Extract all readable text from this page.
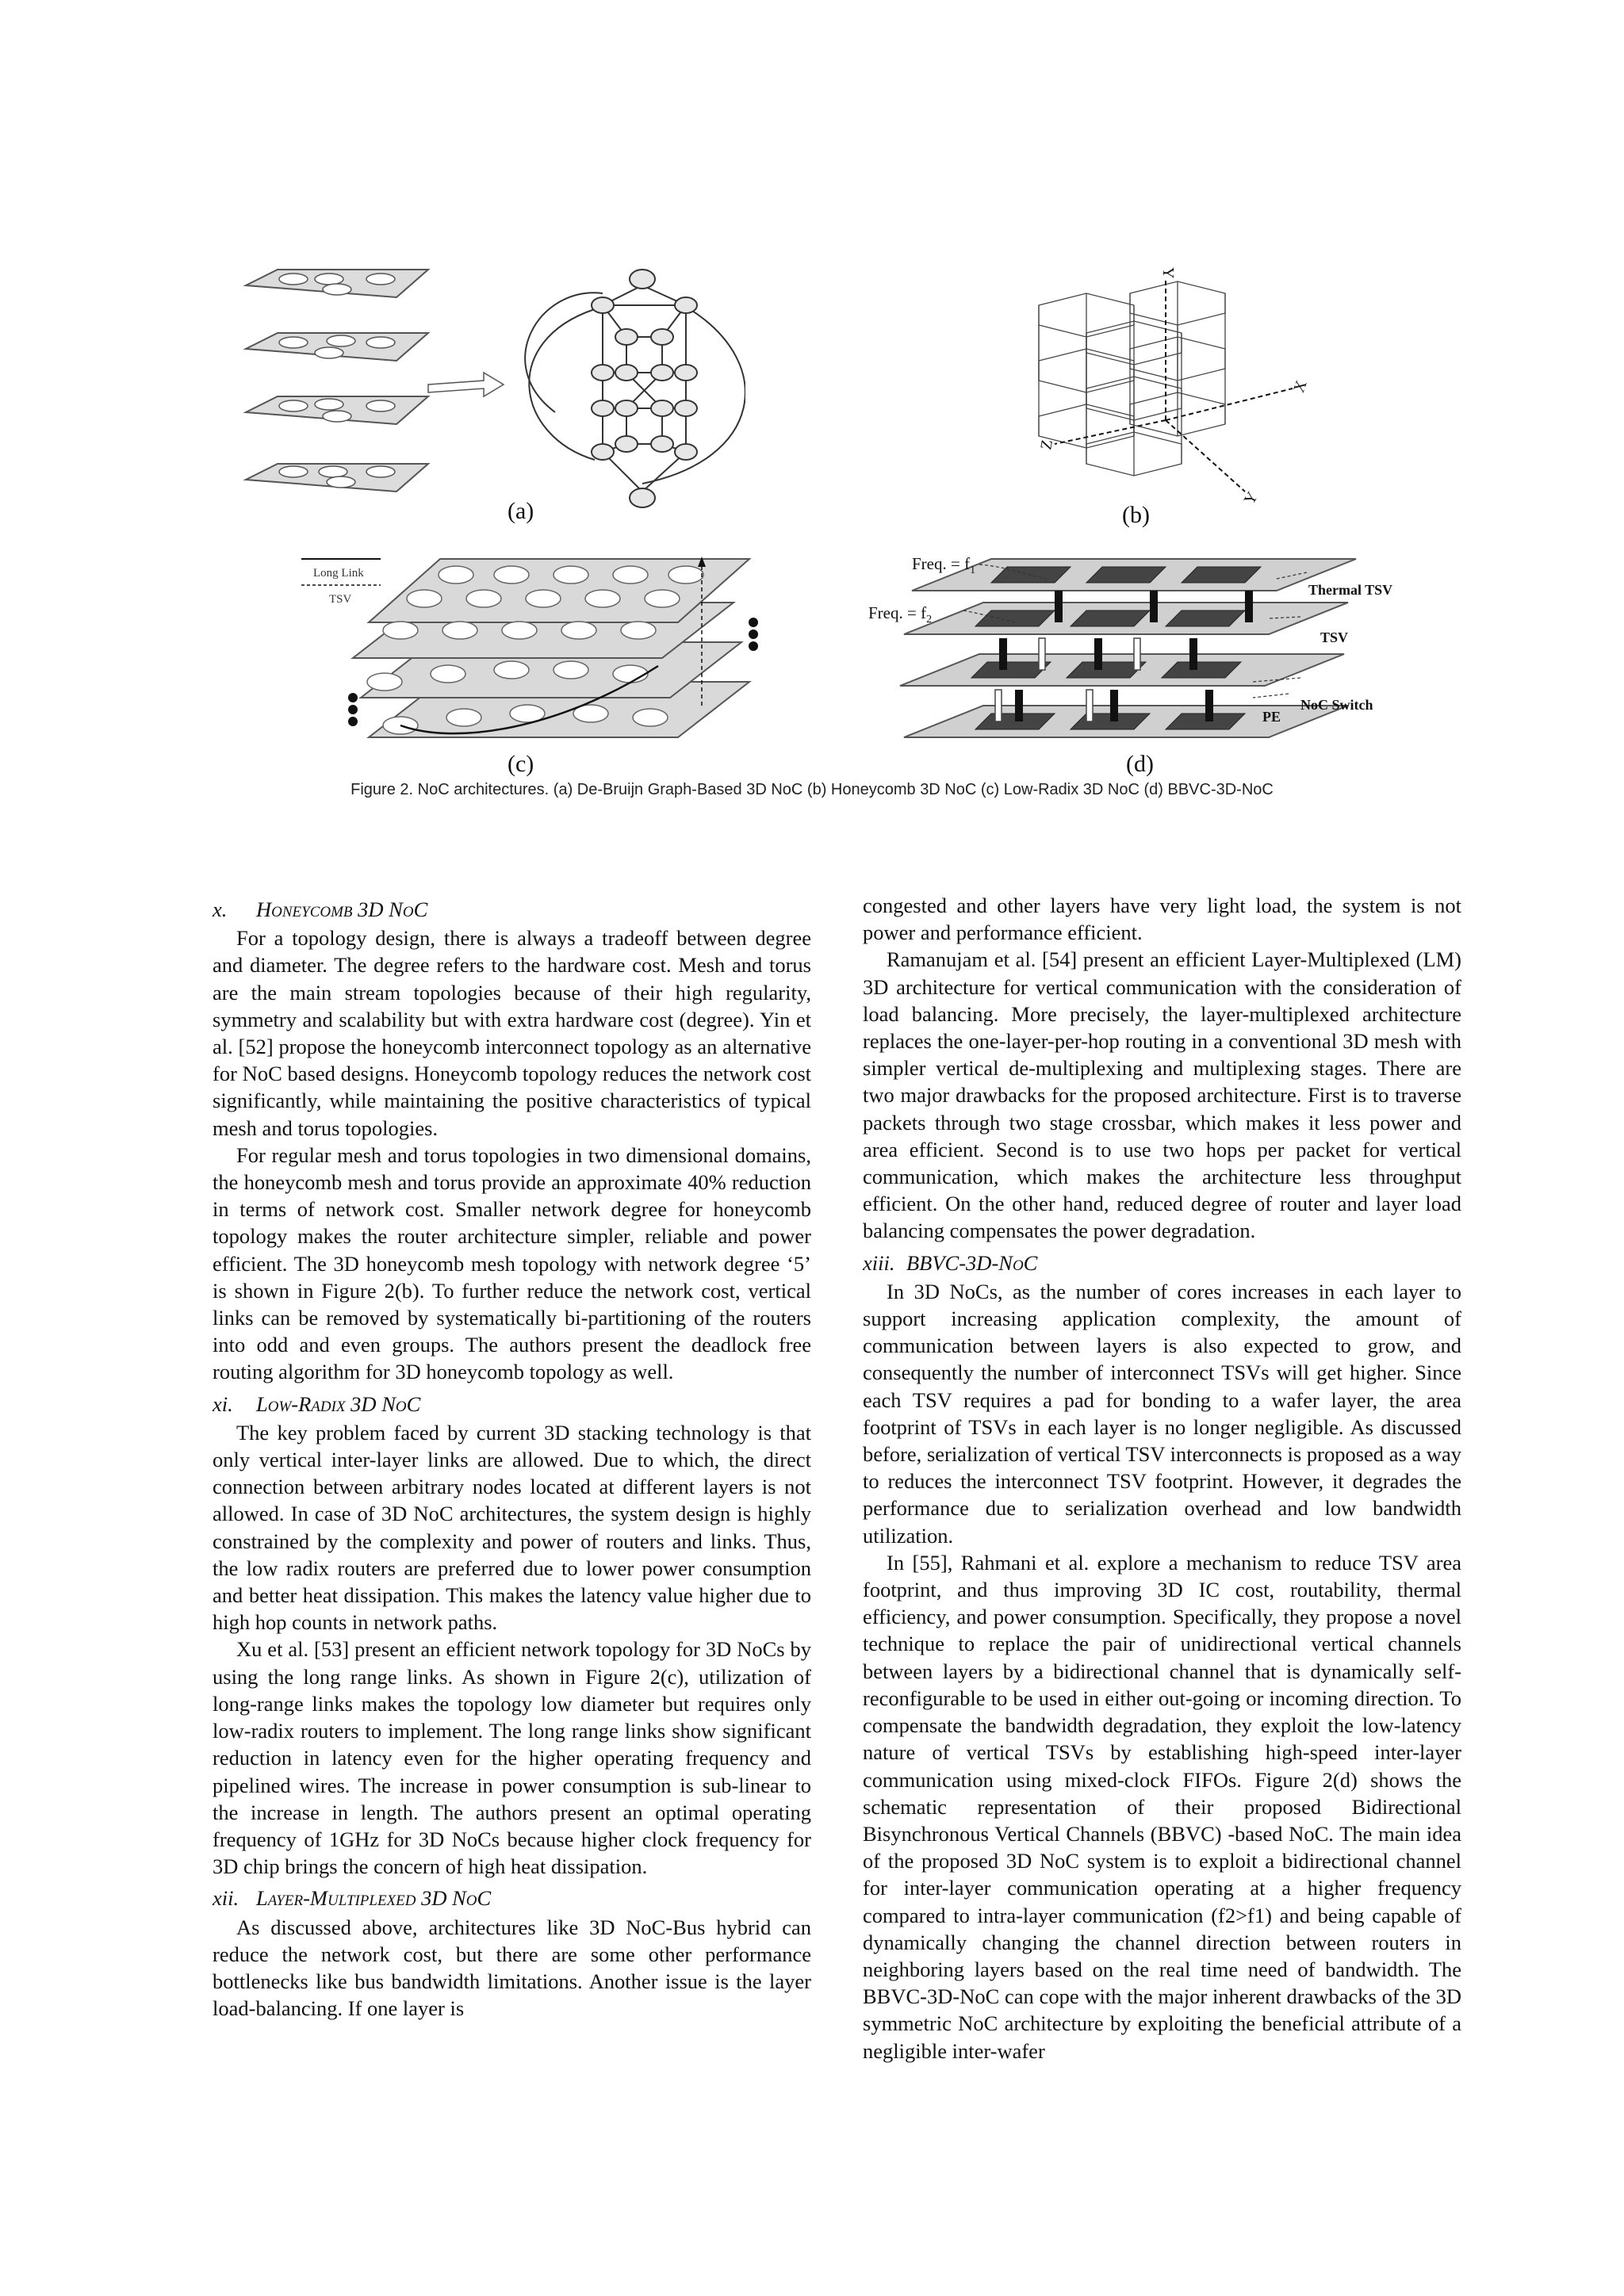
(a)
Y
X
Z
Y
(b)
Long Link
TSV
(c)
Freq. = $f_1$
Freq. = $f_2$
Thermal TSV
TSV
NoC Switch
PE
(d)
Figure 2. NoC architectures. (a) De-Bruijn Graph-Based 3D NoC (b) Honeycomb 3D NoC (c) Low-Radix 3D NoC (d) BBVC-3D-NoC
x. Honeycomb 3D NoC

For a topology design, there is always a tradeoff between degree and diameter. The degree refers to the hardware cost. Mesh and torus are the main stream topologies because of their high regularity, symmetry and scalability but with extra hardware cost (degree). Yin et al. [52] propose the honeycomb interconnect topology as an alternative for NoC based designs. Honeycomb topology reduces the network cost significantly, while maintaining the positive characteristics of typical mesh and torus topologies.

For regular mesh and torus topologies in two dimensional domains, the honeycomb mesh and torus provide an approximate 40% reduction in terms of network cost. Smaller network degree for honeycomb topology makes the router architecture simpler, reliable and power efficient. The 3D honeycomb mesh topology with network degree ‘5’ is shown in Figure 2(b). To further reduce the network cost, vertical links can be removed by systematically bi-partitioning of the routers into odd and even groups. The authors present the deadlock free routing algorithm for 3D honeycomb topology as well.

xi. Low-Radix 3D NoC

The key problem faced by current 3D stacking technology is that only vertical inter-layer links are allowed. Due to which, the direct connection between arbitrary nodes located at different layers is not allowed. In case of 3D NoC architectures, the system design is highly constrained by the complexity and power of routers and links. Thus, the low radix routers are preferred due to lower power consumption and better heat dissipation. This makes the latency value higher due to high hop counts in network paths.

Xu et al. [53] present an efficient network topology for 3D NoCs by using the long range links. As shown in Figure 2(c), utilization of long-range links makes the topology low diameter but requires only low-radix routers to implement. The long range links show significant reduction in latency even for the higher operating frequency and pipelined wires. The increase in power consumption is sub-linear to the increase in length. The authors present an optimal operating frequency of 1GHz for 3D NoCs because higher clock frequency for 3D chip brings the concern of high heat dissipation.

xii. Layer-Multiplexed 3D NoC

As discussed above, architectures like 3D NoC-Bus hybrid can reduce the network cost, but there are some other performance bottlenecks like bus bandwidth limitations. Another issue is the layer load-balancing. If one layer is

congested and other layers have very light load, the system is not power and performance efficient.

Ramanujam et al. [54] present an efficient Layer-Multiplexed (LM) 3D architecture for vertical communication with the consideration of load balancing. More precisely, the layer-multiplexed architecture replaces the one-layer-per-hop routing in a conventional 3D mesh with simpler vertical de-multiplexing and multiplexing stages. There are two major drawbacks for the proposed architecture. First is to traverse packets through two stage crossbar, which makes it less power and area efficient. Second is to use two hops per packet for vertical communication, which makes the architecture less throughput efficient. On the other hand, reduced degree of router and layer load balancing compensates the power degradation.

xiii. BBVC-3D-NoC

In 3D NoCs, as the number of cores increases in each layer to support increasing application complexity, the amount of communication between layers is also expected to grow, and consequently the number of interconnect TSVs will get higher. Since each TSV requires a pad for bonding to a wafer layer, the area footprint of TSVs in each layer is no longer negligible. As discussed before, serialization of vertical TSV interconnects is proposed as a way to reduces the interconnect TSV footprint. However, it degrades the performance due to serialization overhead and low bandwidth utilization.

In [55], Rahmani et al. explore a mechanism to reduce TSV area footprint, and thus improving 3D IC cost, routability, thermal efficiency, and power consumption. Specifically, they propose a novel technique to replace the pair of unidirectional vertical channels between layers by a bidirectional channel that is dynamically self-reconfigurable to be used in either out-going or incoming direction. To compensate the bandwidth degradation, they exploit the low-latency nature of vertical TSVs by establishing high-speed inter-layer communication using mixed-clock FIFOs. Figure 2(d) shows the schematic representation of their proposed Bidirectional Bisynchronous Vertical Channels (BBVC) -based NoC. The main idea of the proposed 3D NoC system is to exploit a bidirectional channel for inter-layer communication operating at a higher frequency compared to intra-layer communication (f2>f1) and being capable of dynamically changing the channel direction between routers in neighboring layers based on the real time need of bandwidth. The BBVC-3D-NoC can cope with the major inherent drawbacks of the 3D symmetric NoC architecture by exploiting the beneficial attribute of a negligible inter-wafer
